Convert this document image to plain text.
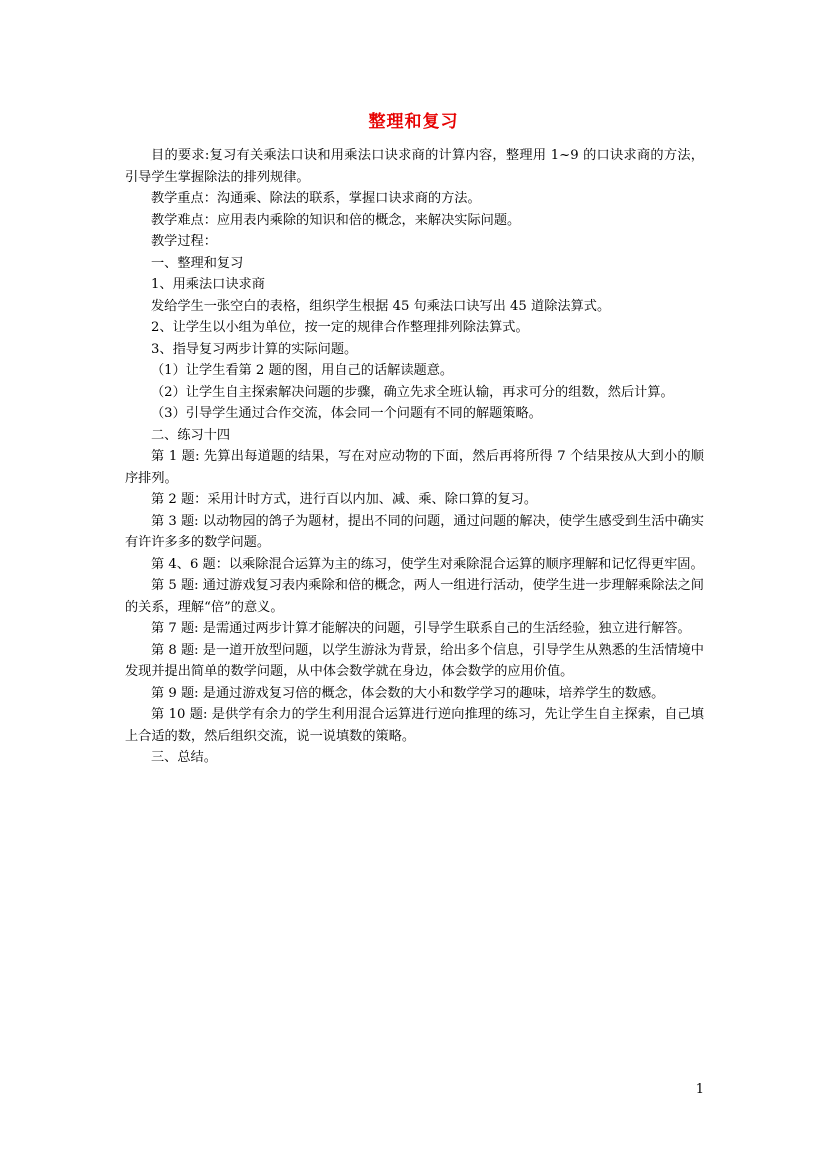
整理和复习

目的要求:复习有关乘法口诀和用乘法口诀求商的计算内容，整理用 1~9 的口诀求商的方法，引导学生掌握除法的排列规律。

教学重点：沟通乘、除法的联系，掌握口诀求商的方法。

教学难点：应用表内乘除的知识和倍的概念，来解决实际问题。

教学过程：

一、整理和复习

1、用乘法口诀求商

发给学生一张空白的表格，组织学生根据 45 句乘法口诀写出 45 道除法算式。

2、让学生以小组为单位，按一定的规律合作整理排列除法算式。

3、指导复习两步计算的实际问题。

（1）让学生看第 2 题的图，用自己的话解读题意。

（2）让学生自主探索解决问题的步骤，确立先求全班认输，再求可分的组数，然后计算。

（3）引导学生通过合作交流，体会同一个问题有不同的解题策略。

二、练习十四

第 1 题: 先算出每道题的结果，写在对应动物的下面，然后再将所得 7 个结果按从大到小的顺序排列。

第 2 题：采用计时方式，进行百以内加、减、乘、除口算的复习。

第 3 题: 以动物园的鸽子为题材，提出不同的问题，通过问题的解决，使学生感受到生活中确实有许许多多的数学问题。

第 4、6 题：以乘除混合运算为主的练习，使学生对乘除混合运算的顺序理解和记忆得更牢固。

第 5 题: 通过游戏复习表内乘除和倍的概念，两人一组进行活动，使学生进一步理解乘除法之间的关系，理解“倍”的意义。

第 7 题: 是需通过两步计算才能解决的问题，引导学生联系自己的生活经验，独立进行解答。

第 8 题: 是一道开放型问题，以学生游泳为背景，给出多个信息，引导学生从熟悉的生活情境中发现并提出简单的数学问题，从中体会数学就在身边，体会数学的应用价值。

第 9 题: 是通过游戏复习倍的概念，体会数的大小和数学学习的趣味，培养学生的数感。

第 10 题: 是供学有余力的学生利用混合运算进行逆向推理的练习，先让学生自主探索，自己填上合适的数，然后组织交流，说一说填数的策略。

三、总结。

1
